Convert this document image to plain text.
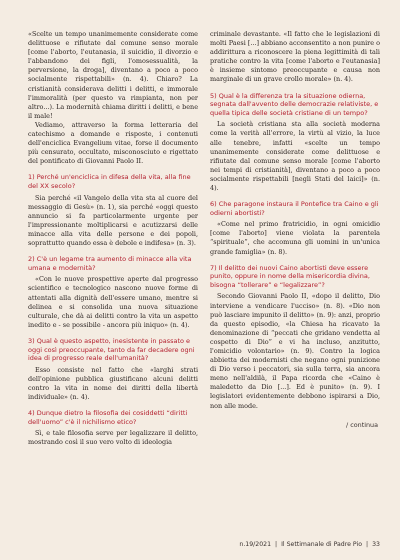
«Scelte un tempo unanimemente considerate come delittuose e rifiutate dal comune senso morale [come l'aborto, l'eutanasia, il suicidio, il divorzio e l'abbandono dei figli, l'omosessualità, la perversione, la droga], diventano a poco a poco socialmente rispettabili» (n. 4). Chiaro? La cristianità considerava delitti i delitti, e immorale l'immoralità (per questo va rimpianta, non per altro...). La modernità chiama diritti i delitti, e bene il male!

Vediamo, attraverso la forma letteraria del catechismo a domande e risposte, i contenuti dell'enciclica Evangelium vitae, forse il documento più censurato, occultato, misconosciuto e rigettato del pontificato di Giovanni Paolo II.

1) Perché un'enciclica in difesa della vita, alla fine del XX secolo?

Sia perché «il Vangelo della vita sta al cuore del messaggio di Gesù» (n. 1), sia perché «oggi questo annuncio si fa particolarmente urgente per l'impressionante moltiplicarsi e acutizzarsi delle minacce alla vita delle persone e dei popoli, soprattutto quando essa è debole e indifesa» (n. 3).

2) C'è un legame tra aumento di minacce alla vita umana e modernità?

«Con le nuove prospettive aperte dal progresso scientifico e tecnologico nascono nuove forme di attentati alla dignità dell'essere umano, mentre si delinea e si consolida una nuova situazione culturale, che dà ai delitti contro la vita un aspetto inedito e - se possibile - ancora più iniquo» (n. 4).

3) Qual è questo aspetto, inesistente in passato e oggi così preoccupante, tanto da far decadere ogni idea di progresso reale dell'umanità?

Esso consiste nel fatto che «larghi strati dell'opinione pubblica giustificano alcuni delitti contro la vita in nome dei diritti della libertà individuale» (n. 4).

4) Dunque dietro la filosofia dei cosiddetti “diritti dell'uomo” c'è il nichilismo etico?

Sì, e tale filosofia serve per legalizzare il delitto, mostrando così il suo vero volto di ideologia

criminale devastante. «Il fatto che le legislazioni di molti Paesi [...] abbiano acconsentito a non punire o addirittura a riconoscere la piena legittimità di tali pratiche contro la vita [come l'aborto e l'eutanasia] è insieme sintomo preoccupante e causa non marginale di un grave crollo morale» (n. 4).

5) Qual è la differenza tra la situazione odierna, segnata dall'avvento delle democrazie relativiste, e quella tipica delle società cristiane di un tempo?

La società cristiana sta alla società moderna come la verità all'errore, la virtù al vizio, la luce alle tenebre, infatti «scelte un tempo unanimemente considerate come delittuose e rifiutate dal comune senso morale [come l'aborto nei tempi di cristianità], diventano a poco a poco socialmente rispettabili [negli Stati del laici]» (n. 4).

6) Che paragone instaura il Pontefice tra Caino e gli odierni abortisti?

«Come nel primo fratricidio, in ogni omicidio [come l'aborto] viene violata la parentela “spirituale”, che accomuna gli uomini in un'unica grande famiglia» (n. 8).

7) Il delitto dei nuovi Caino abortisti deve essere punito, oppure in nome della misericordia divina, bisogna “tollerare” e “legalizzare”?

Secondo Giovanni Paolo II, «dopo il delitto, Dio interviene a vendicare l'ucciso» (n. 8). «Dio non può lasciare impunito il delitto» (n. 9): anzi, proprio da questo episodio, «la Chiesa ha ricavato la denominazione di “peccati che gridano vendetta al cospetto di Dio” e vi ha incluso, anzitutto, l'omicidio volontario» (n. 9). Contro la logica abbietta dei modernisti che negano ogni punizione di Dio verso i peccatori, sia sulla terra, sia ancora meno nell'aldilà, il Papa ricorda che «Caino è maledetto da Dio [...]. Ed è punito» (n. 9). I legislatori evidentemente debbono ispirarsi a Dio, non alle mode.

/ continua
n.19/2021 | Il Settimanale di Padre Pio | 33
